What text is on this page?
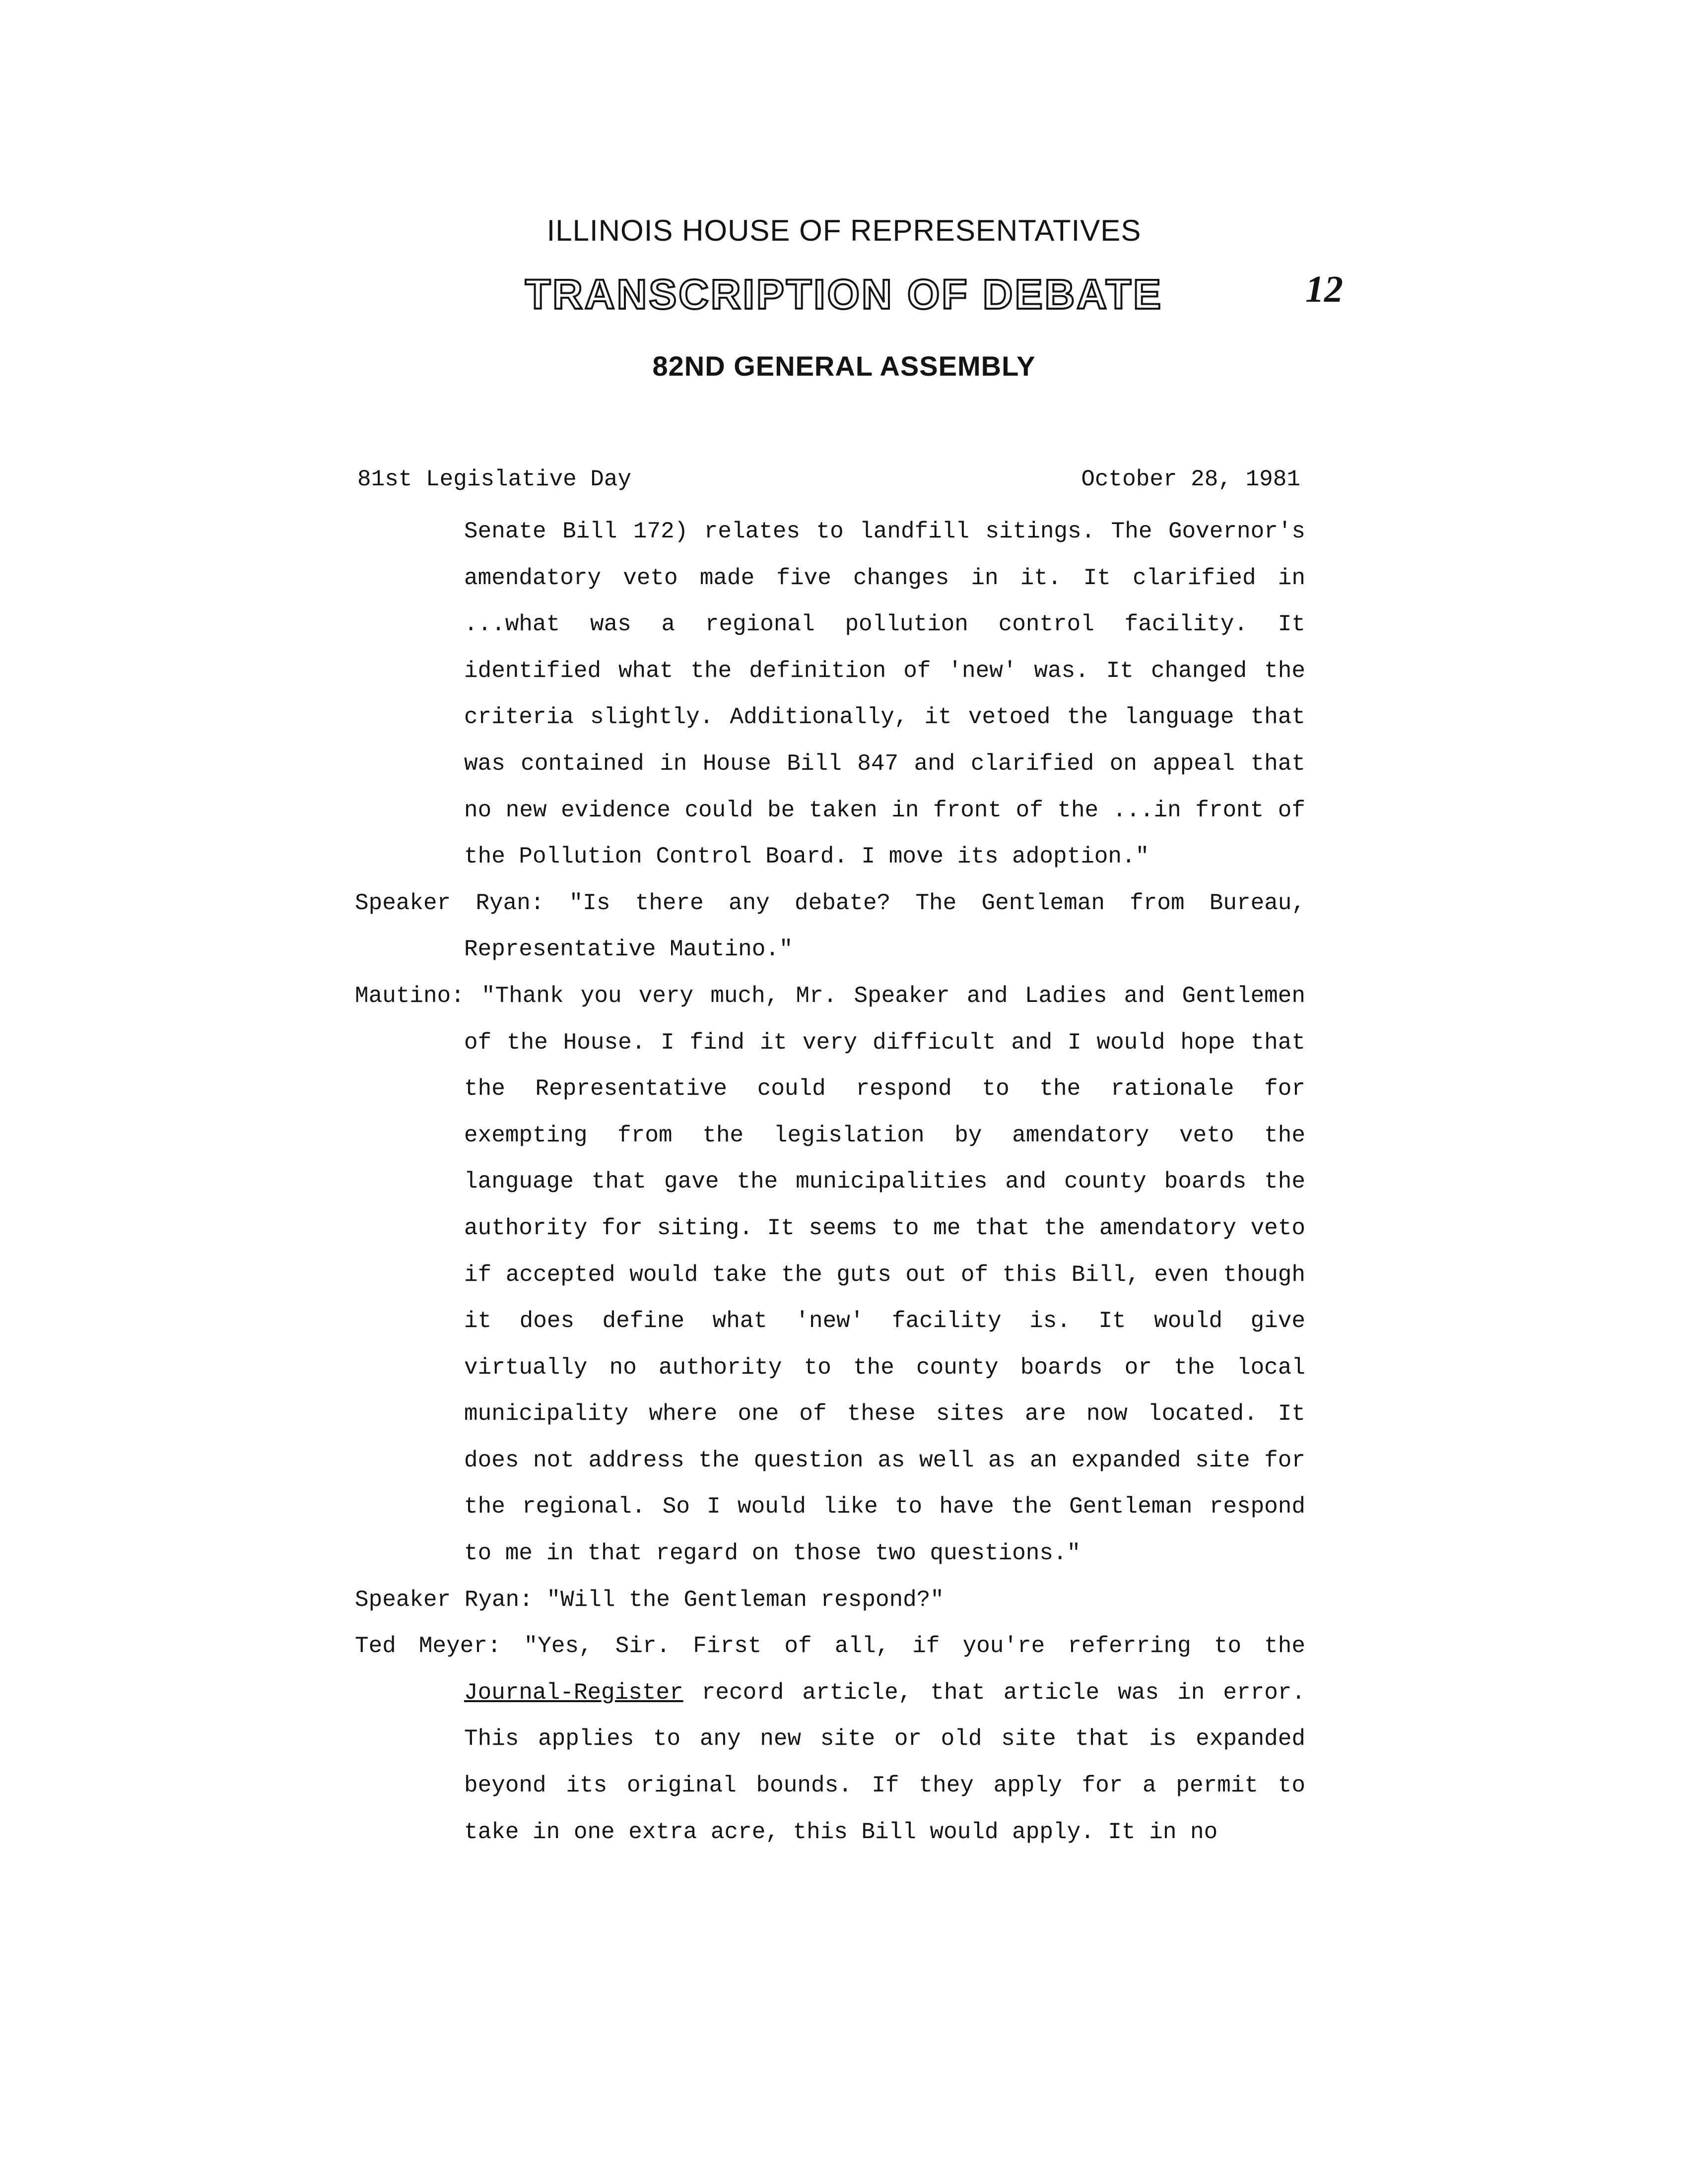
ILLINOIS HOUSE OF REPRESENTATIVES
TRANSCRIPTION OF DEBATE
82ND GENERAL ASSEMBLY
12
81st Legislative Day	October 28, 1981

Senate Bill 172) relates to landfill sitings. The Governor's amendatory veto made five changes in it. It clarified in ...what was a regional pollution control facility. It identified what the definition of 'new' was. It changed the criteria slightly. Additionally, it vetoed the language that was contained in House Bill 847 and clarified on appeal that no new evidence could be taken in front of the ...in front of the Pollution Control Board. I move its adoption."

Speaker Ryan: "Is there any debate? The Gentleman from Bureau, Representative Mautino."

Mautino: "Thank you very much, Mr. Speaker and Ladies and Gentlemen of the House. I find it very difficult and I would hope that the Representative could respond to the rationale for exempting from the legislation by amendatory veto the language that gave the municipalities and county boards the authority for siting. It seems to me that the amendatory veto if accepted would take the guts out of this Bill, even though it does define what 'new' facility is. It would give virtually no authority to the county boards or the local municipality where one of these sites are now located. It does not address the question as well as an expanded site for the regional. So I would like to have the Gentleman respond to me in that regard on those two questions."

Speaker Ryan: "Will the Gentleman respond?"

Ted Meyer: "Yes, Sir. First of all, if you're referring to the Journal-Register record article, that article was in error. This applies to any new site or old site that is expanded beyond its original bounds. If they apply for a permit to take in one extra acre, this Bill would apply. It in no
